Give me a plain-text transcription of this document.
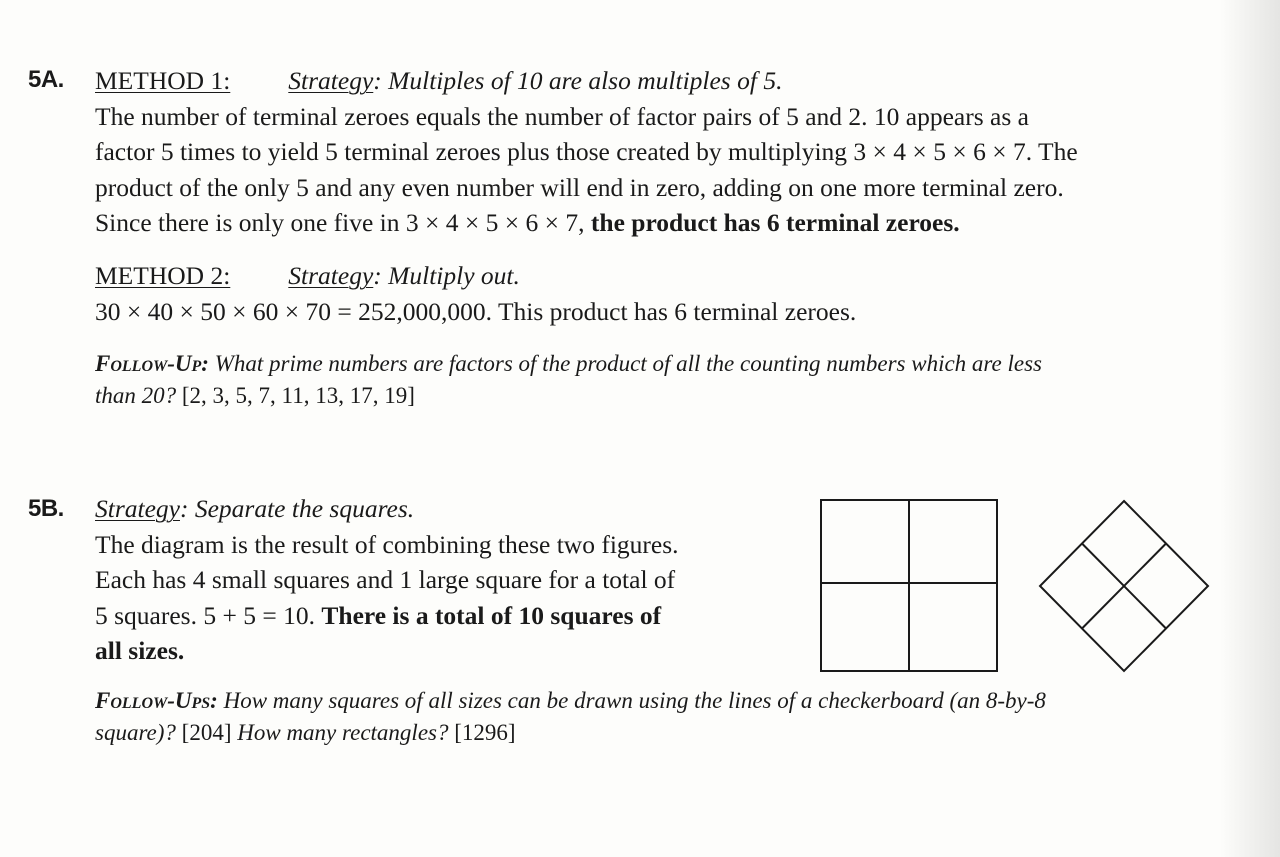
5A. METHOD 1: Strategy: Multiples of 10 are also multiples of 5.
The number of terminal zeroes equals the number of factor pairs of 5 and 2. 10 appears as a
factor 5 times to yield 5 terminal zeroes plus those created by multiplying 3 × 4 × 5 × 6 × 7. The
product of the only 5 and any even number will end in zero, adding on one more terminal zero.
Since there is only one five in 3 × 4 × 5 × 6 × 7, the product has 6 terminal zeroes.
METHOD 2: Strategy: Multiply out.
30 × 40 × 50 × 60 × 70 = 252,000,000. This product has 6 terminal zeroes.
Follow-Up: What prime numbers are factors of the product of all the counting numbers which are less
than 20? [2, 3, 5, 7, 11, 13, 17, 19]
5B. Strategy: Separate the squares.
The diagram is the result of combining these two figures.
Each has 4 small squares and 1 large square for a total of
5 squares. 5 + 5 = 10. There is a total of 10 squares of
all sizes.
Follow-Ups: How many squares of all sizes can be drawn using the lines of a checkerboard (an 8-by-8
square)? [204] How many rectangles? [1296]
